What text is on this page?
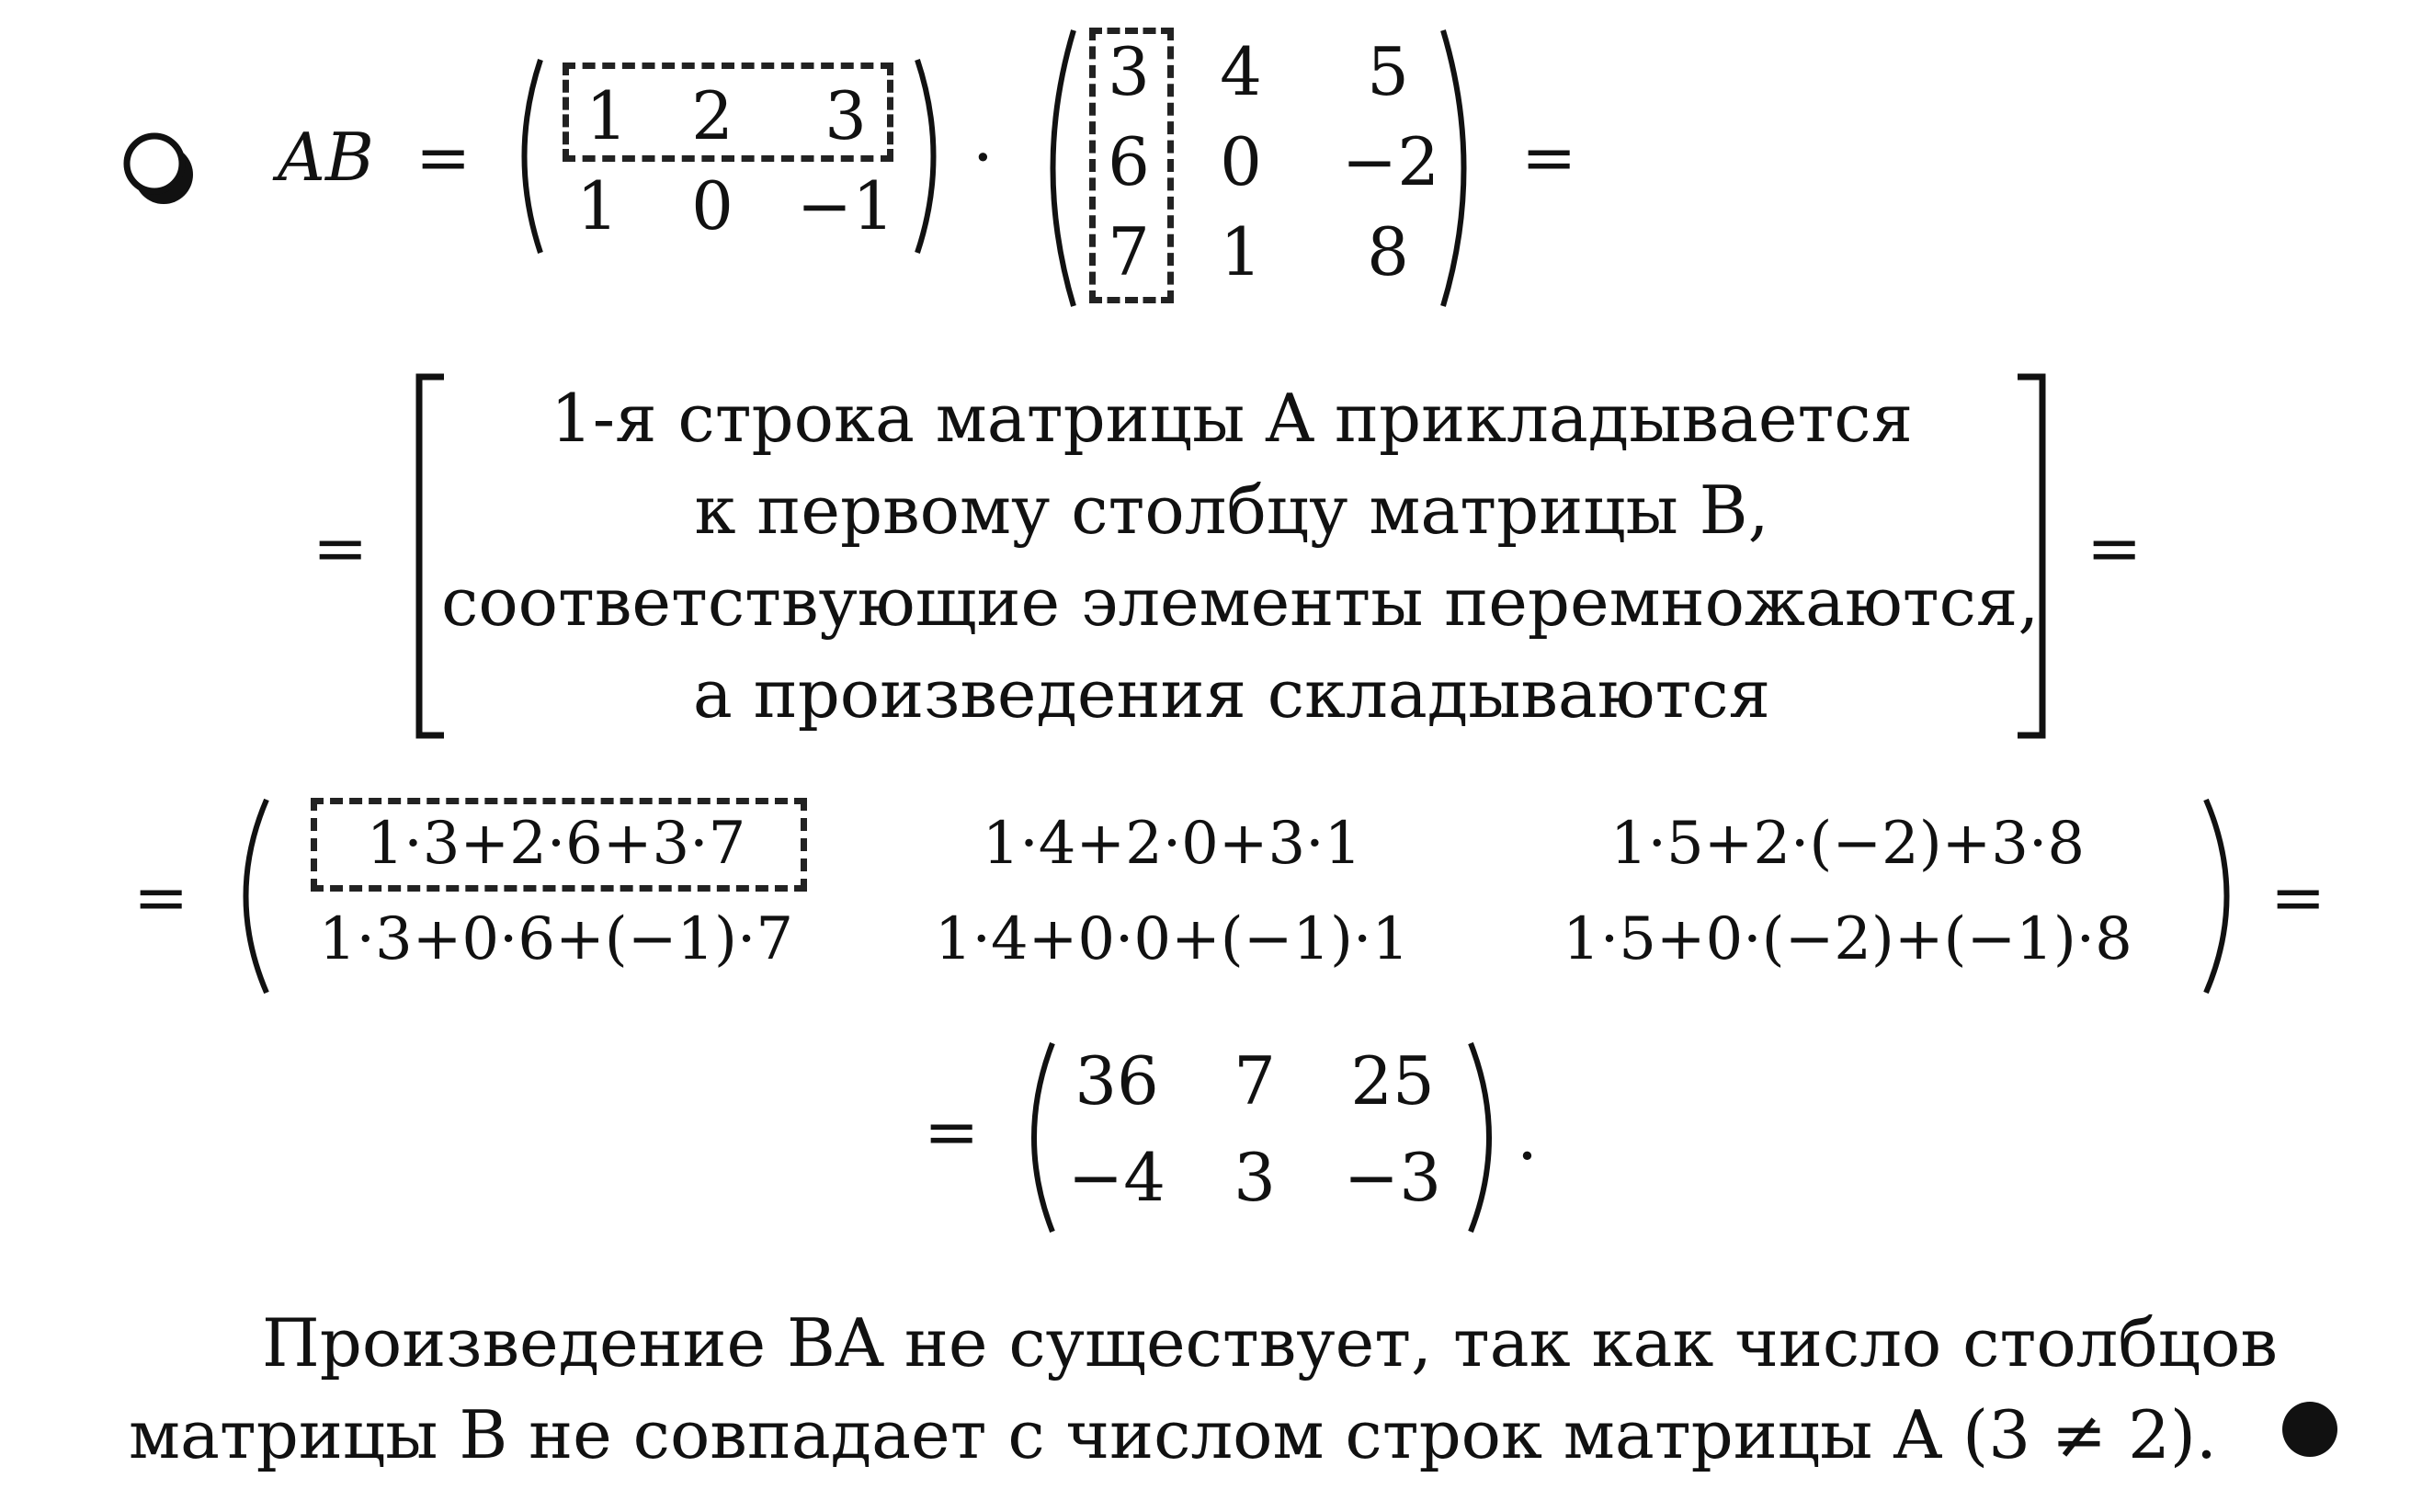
AB =
1 2 3
1 0 −1
·
3 4 5
6 0 −2
7 1 8
=
=
1-я строка матрицы A прикладывается
к первому столбцу матрицы B,
соответствующие элементы перемножаются,
а произведения складываются
=
=
1·3+2·6+3·7	1·4+2·0+3·1	1·5+2·(−2)+3·8
1·3+0·6+(−1)·7	1·4+0·0+(−1)·1	1·5+0·(−2)+(−1)·8
=
=
36 7 25
−4 3 −3
.
Произведение BA не существует, так как число столбцов
матрицы B не совпадает с числом строк матрицы A (3 ≠ 2).
